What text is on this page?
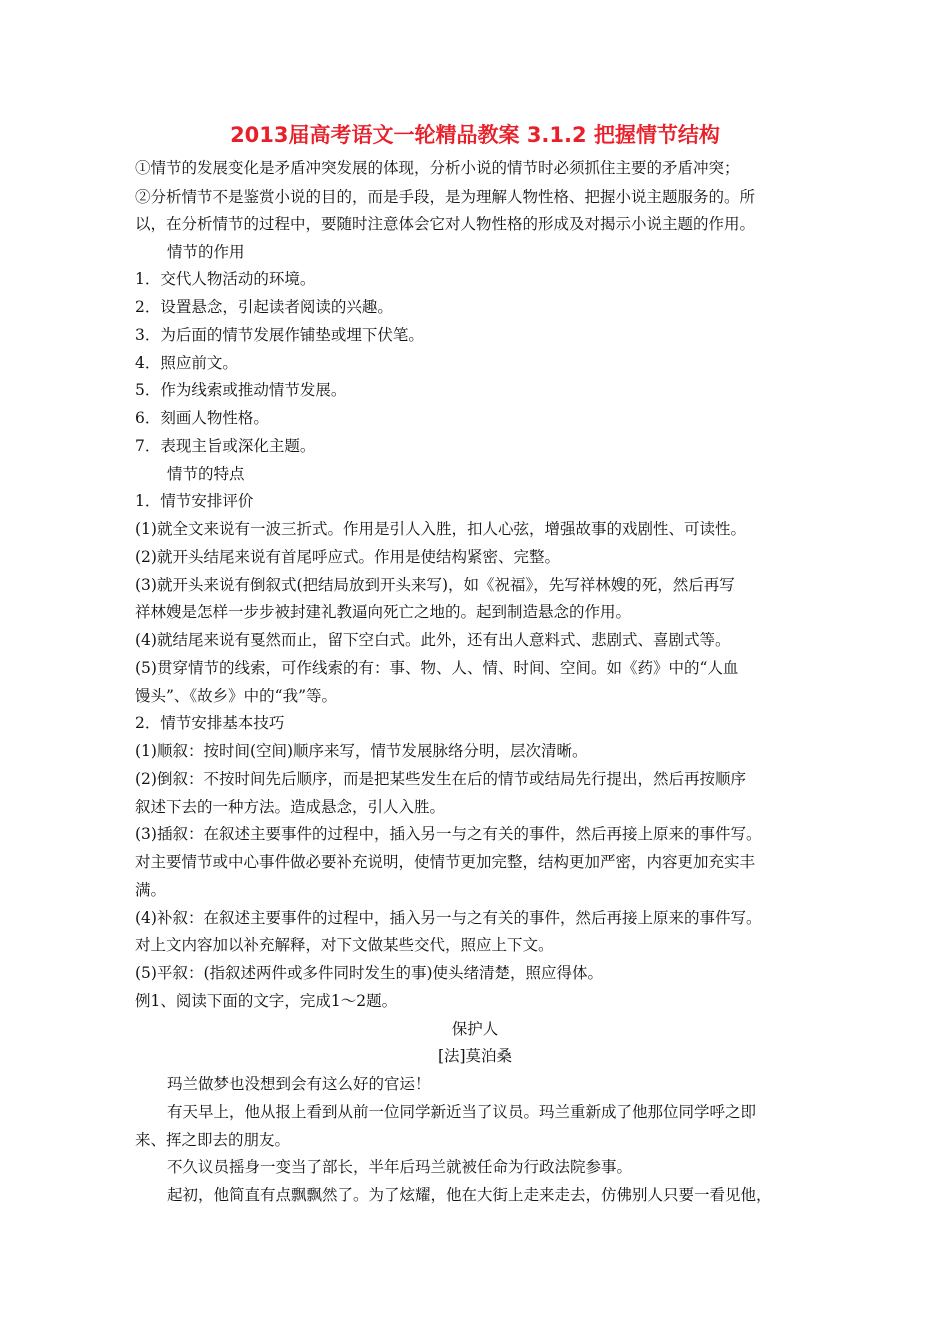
2013届高考语文一轮精品教案 3.1.2 把握情节结构
①情节的发展变化是矛盾冲突发展的体现，分析小说的情节时必须抓住主要的矛盾冲突；
②分析情节不是鉴赏小说的目的，而是手段，是为理解人物性格、把握小说主题服务的。所
以，在分析情节的过程中，要随时注意体会它对人物性格的形成及对揭示小说主题的作用。
情节的作用
1．交代人物活动的环境。
2．设置悬念，引起读者阅读的兴趣。
3．为后面的情节发展作铺垫或埋下伏笔。
4．照应前文。
5．作为线索或推动情节发展。
6．刻画人物性格。
7．表现主旨或深化主题。
情节的特点
1．情节安排评价
(1)就全文来说有一波三折式。作用是引人入胜，扣人心弦，增强故事的戏剧性、可读性。
(2)就开头结尾来说有首尾呼应式。作用是使结构紧密、完整。
(3)就开头来说有倒叙式(把结局放到开头来写)，如《祝福》，先写祥林嫂的死，然后再写
祥林嫂是怎样一步步被封建礼教逼向死亡之地的。起到制造悬念的作用。
(4)就结尾来说有戛然而止，留下空白式。此外，还有出人意料式、悲剧式、喜剧式等。
(5)贯穿情节的线索，可作线索的有：事、物、人、情、时间、空间。如《药》中的“人血
馒头”、《故乡》中的“我”等。
2．情节安排基本技巧
(1)顺叙：按时间(空间)顺序来写，情节发展脉络分明，层次清晰。
(2)倒叙：不按时间先后顺序，而是把某些发生在后的情节或结局先行提出，然后再按顺序
叙述下去的一种方法。造成悬念，引人入胜。
(3)插叙：在叙述主要事件的过程中，插入另一与之有关的事件，然后再接上原来的事件写。
对主要情节或中心事件做必要补充说明，使情节更加完整，结构更加严密，内容更加充实丰
满。
(4)补叙：在叙述主要事件的过程中，插入另一与之有关的事件，然后再接上原来的事件写。
对上文内容加以补充解释，对下文做某些交代，照应上下文。
(5)平叙：(指叙述两件或多件同时发生的事)使头绪清楚，照应得体。
例1、阅读下面的文字，完成1～2题。
保护人
[法]莫泊桑
玛兰做梦也没想到会有这么好的官运！
有天早上，他从报上看到从前一位同学新近当了议员。玛兰重新成了他那位同学呼之即
来、挥之即去的朋友。
不久议员摇身一变当了部长，半年后玛兰就被任命为行政法院参事。
起初，他简直有点飘飘然了。为了炫耀，他在大街上走来走去，仿佛别人只要一看见他，
